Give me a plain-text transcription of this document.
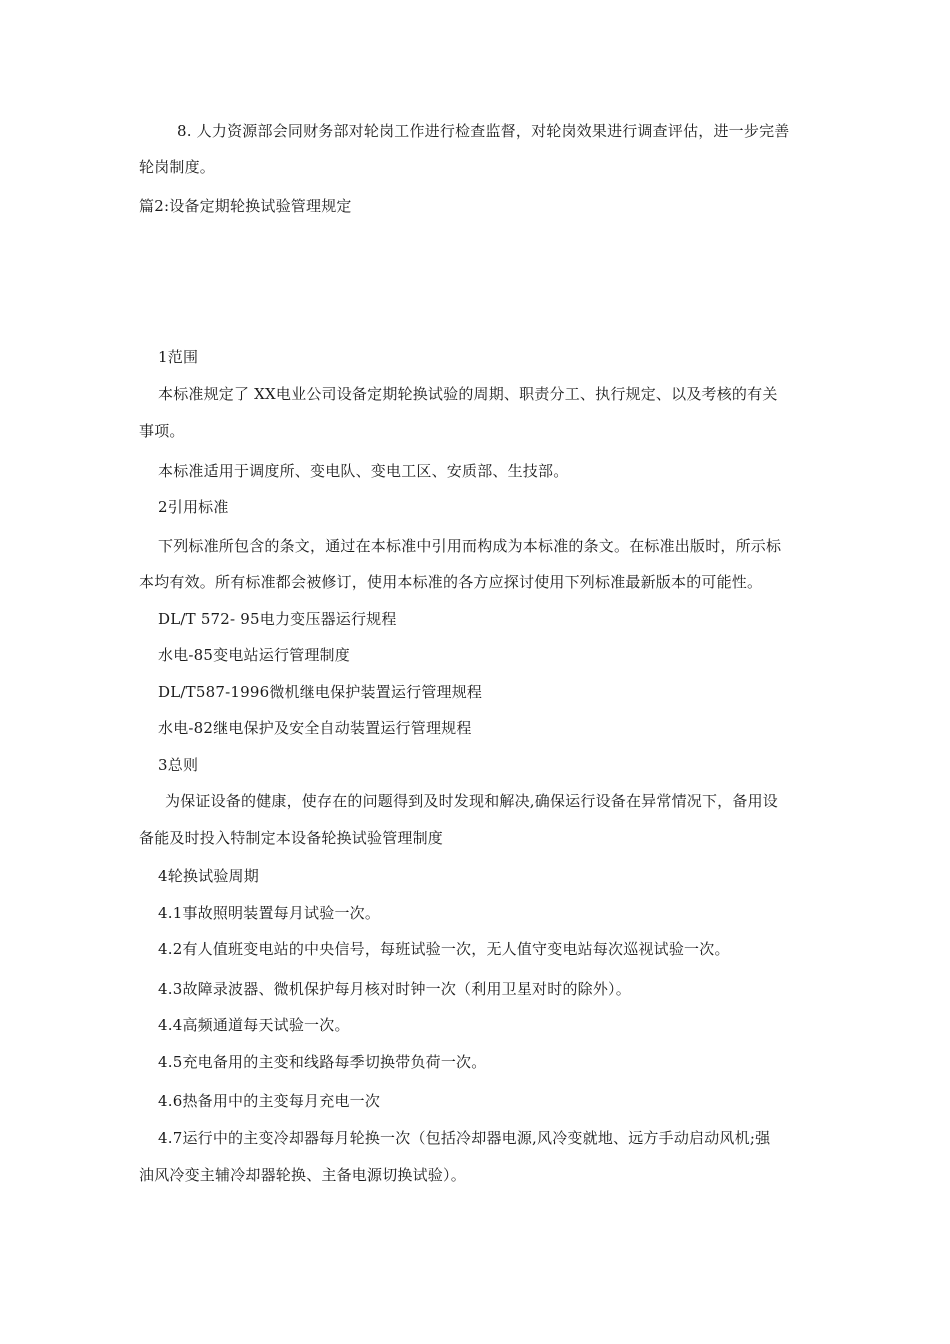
8. 人力资源部会同财务部对轮岗工作进行检查监督，对轮岗效果进行调查评估，进一步完善
轮岗制度。
篇2:设备定期轮换试验管理规定
1范围
本标准规定了 XX电业公司设备定期轮换试验的周期、职责分工、执行规定、以及考核的有关
事项。
本标准适用于调度所、变电队、变电工区、安质部、生技部。
2引用标准
下列标准所包含的条文，通过在本标准中引用而构成为本标准的条文。在标准出版时，所示标
本均有效。所有标准都会被修订，使用本标准的各方应探讨使用下列标准最新版本的可能性。
DL/T 572- 95电力变压器运行规程
水电-85变电站运行管理制度
DL/T587-1996微机继电保护装置运行管理规程
水电-82继电保护及安全自动装置运行管理规程
3总则
为保证设备的健康，使存在的问题得到及时发现和解决,确保运行设备在异常情况下，备用设
备能及时投入特制定本设备轮换试验管理制度
4轮换试验周期
4.1事故照明装置每月试验一次。
4.2有人值班变电站的中央信号，每班试验一次，无人值守变电站每次巡视试验一次。
4.3故障录波器、微机保护每月核对时钟一次（利用卫星对时的除外）。
4.4高频通道每天试验一次。
4.5充电备用的主变和线路每季切换带负荷一次。
4.6热备用中的主变每月充电一次
4.7运行中的主变冷却器每月轮换一次（包括冷却器电源,风冷变就地、远方手动启动风机;强
油风冷变主辅冷却器轮换、主备电源切换试验）。
